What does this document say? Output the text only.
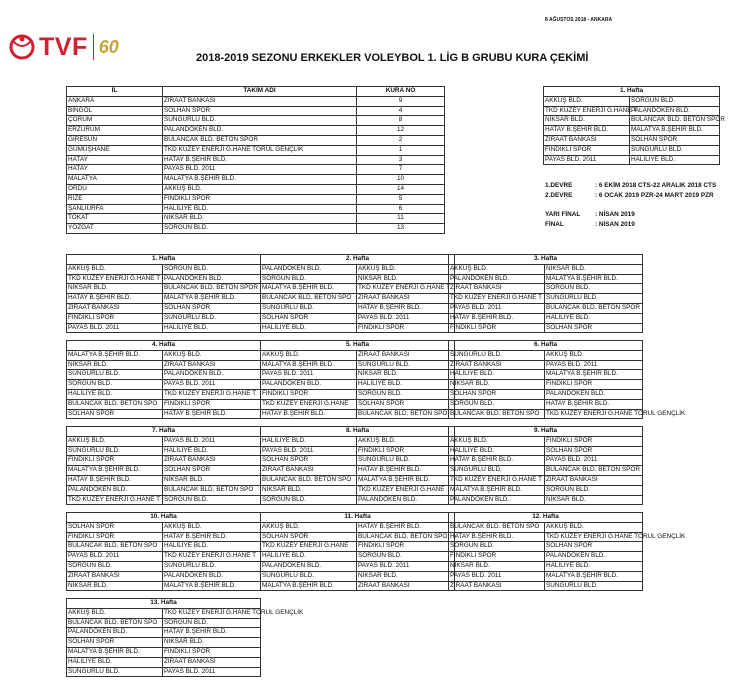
8 AĞUSTOS 2018 - ANKARA
TVF 60
2018-2019 SEZONU ERKEKLER VOLEYBOL 1. LİG B GRUBU KURA ÇEKİMİ
İL	TAKIM ADI	KURA NO
ANKARA	ZİRAAT BANKASI	9
BİNGÖL	SOLHAN SPOR	4
ÇORUM	SUNGURLU BLD.	8
ERZURUM	PALANDÖKEN BLD.	12
GİRESUN	BULANCAK BLD. BETON SPOR	2
GÜMÜŞHANE	TKD KUZEY ENERJİ G.HANE TORUL GENÇLİK	1
HATAY	HATAY B.ŞEHİR BLD.	3
HATAY	PAYAS BLD. 2011	7
MALATYA	MALATYA B.ŞEHİR BLD.	10
ORDU	AKKUŞ BLD.	14
RİZE	FINDIKLI SPOR	5
ŞANLIURFA	HALİLİYE BLD.	6
TOKAT	NİKSAR BLD.	11
YOZGAT	SORGUN BLD.	13
1. Hafta	
AKKUŞ BLD.	SORGUN BLD.
TKD KUZEY ENERJİ G.HANE T	PALANDÖKEN BLD.
NİKSAR BLD.	BULANCAK BLD. BETON SPOR
HATAY B.ŞEHİR BLD.	MALATYA B.ŞEHİR BLD.
ZİRAAT BANKASI	SOLHAN SPOR
FINDIKLI SPOR	SUNGURLU BLD.
PAYAS BLD. 2011	HALİLİYE BLD.
1.DEVRE	: 6 EKİM 2018 CTS-22 ARALIK 2018 CTS
2.DEVRE	: 6 OCAK 2019 PZR-24 MART 2019 PZR
YARI FİNAL : NİSAN 2019
FİNAL	: NİSAN 2019
1. Hafta	
AKKUŞ BLD.	SORGUN BLD.
TKD KUZEY ENERJİ G.HANE T	PALANDÖKEN BLD.
NİKSAR BLD.	BULANCAK BLD. BETON SPOR
HATAY B.ŞEHİR BLD.	MALATYA B.ŞEHİR BLD.
ZİRAAT BANKASI	SOLHAN SPOR
FINDIKLI SPOR	SUNGURLU BLD.
PAYAS BLD. 2011	HALİLİYE BLD.
2. Hafta	
PALANDÖKEN BLD.	AKKUŞ BLD.
SORGUN BLD.	NİKSAR BLD.
MALATYA B.ŞEHİR BLD.	TKD KUZEY ENERJİ G.HANE T
BULANCAK BLD. BETON SPO	ZİRAAT BANKASI
SUNGURLU BLD.	HATAY B.ŞEHİR BLD.
SOLHAN SPOR	PAYAS BLD. 2011
HALİLİYE BLD.	FINDIKLI SPOR
3. Hafta	
AKKUŞ BLD.	NİKSAR BLD.
PALANDÖKEN BLD.	MALATYA B.ŞEHİR BLD.
ZİRAAT BANKASI	SORGUN BLD.
TKD KUZEY ENERJİ G.HANE T	SUNGURLU BLD.
PAYAS BLD. 2011	BULANCAK BLD. BETON SPOR
HATAY B.ŞEHİR BLD.	HALİLİYE BLD.
FINDIKLI SPOR	SOLHAN SPOR
4. Hafta	
MALATYA B.ŞEHİR BLD.	AKKUŞ BLD.
NİKSAR BLD.	ZİRAAT BANKASI
SUNGURLU BLD.	PALANDÖKEN BLD.
SORGUN BLD.	PAYAS BLD. 2011
HALİLİYE BLD.	TKD KUZEY ENERJİ G.HANE T
BULANCAK BLD. BETON SPO	FINDIKLI SPOR
SOLHAN SPOR	HATAY B.ŞEHİR BLD.
5. Hafta	
AKKUŞ BLD.	ZİRAAT BANKASI
MALATYA B.ŞEHİR BLD.	SUNGURLU BLD.
PAYAS BLD. 2011	NİKSAR BLD.
PALANDÖKEN BLD.	HALİLİYE BLD.
FINDIKLI SPOR	SORGUN BLD.
TKD KUZEY ENERJİ G.HANE	SOLHAN SPOR
HATAY B.ŞEHİR BLD.	BULANCAK BLD. BETON SPO
6. Hafta	
SUNGURLU BLD.	AKKUŞ BLD.
ZİRAAT BANKASI	PAYAS BLD. 2011
HALİLİYE BLD.	MALATYA B.ŞEHİR BLD.
NİKSAR BLD.	FINDIKLI SPOR
SOLHAN SPOR	PALANDÖKEN BLD.
SORGUN BLD.	HATAY B.ŞEHİR BLD.
BULANCAK BLD. BETON SPO	TKD KUZEY ENERJİ G.HANE TORUL GENÇLİK
7. Hafta	
AKKUŞ BLD.	PAYAS BLD. 2011
SUNGURLU BLD.	HALİLİYE BLD.
FINDIKLI SPOR	ZİRAAT BANKASI
MALATYA B.ŞEHİR BLD.	SOLHAN SPOR
HATAY B.ŞEHİR BLD.	NİKSAR BLD.
PALANDÖKEN BLD.	BULANCAK BLD. BETON SPO
TKD KUZEY ENERJİ G.HANE T	SORGUN BLD.
8. Hafta	
HALİLİYE BLD.	AKKUŞ BLD.
PAYAS BLD. 2011	FINDIKLI SPOR
SOLHAN SPOR	SUNGURLU BLD.
ZİRAAT BANKASI	HATAY B.ŞEHİR BLD.
BULANCAK BLD. BETON SPO	MALATYA B.ŞEHİR BLD.
NİKSAR BLD.	TKD KUZEY ENERJİ G.HANE
SORGUN BLD.	PALANDÖKEN BLD.
9. Hafta	
AKKUŞ BLD.	FINDIKLI SPOR
HALİLİYE BLD.	SOLHAN SPOR
HATAY B.ŞEHİR BLD.	PAYAS BLD. 2011
SUNGURLU BLD.	BULANCAK BLD. BETON SPOR
TKD KUZEY ENERJİ G.HANE T	ZİRAAT BANKASI
MALATYA B.ŞEHİR BLD.	SORGUN BLD.
PALANDÖKEN BLD.	NİKSAR BLD.
10. Hafta	
SOLHAN SPOR	AKKUŞ BLD.
FINDIKLI SPOR	HATAY B.ŞEHİR BLD.
BULANCAK BLD. BETON SPO	HALİLİYE BLD.
PAYAS BLD. 2011	TKD KUZEY ENERJİ G.HANE T
SORGUN BLD.	SUNGURLU BLD.
ZİRAAT BANKASI	PALANDÖKEN BLD.
NİKSAR BLD.	MALATYA B.ŞEHİR BLD.
11. Hafta	
AKKUŞ BLD.	HATAY B.ŞEHİR BLD.
SOLHAN SPOR	BULANCAK BLD. BETON SPO
TKD KUZEY ENERJİ G.HANE	FINDIKLI SPOR
HALİLİYE BLD.	SORGUN BLD.
PALANDÖKEN BLD.	PAYAS BLD. 2011
SUNGURLU BLD.	NİKSAR BLD.
MALATYA B.ŞEHİR BLD.	ZİRAAT BANKASI
12. Hafta	
BULANCAK BLD. BETON SPO	AKKUŞ BLD.
HATAY B.ŞEHİR BLD.	TKD KUZEY ENERJİ G.HANE TORUL GENÇLİK
SORGUN BLD.	SOLHAN SPOR
FINDIKLI SPOR	PALANDÖKEN BLD.
NİKSAR BLD.	HALİLİYE BLD.
PAYAS BLD. 2011	MALATYA B.ŞEHİR BLD.
ZİRAAT BANKASI	SUNGURLU BLD.
13. Hafta	
AKKUŞ BLD.	TKD KUZEY ENERJİ G.HANE TORUL GENÇLİK
BULANCAK BLD. BETON SPO	SORGUN BLD.
PALANDÖKEN BLD.	HATAY B.ŞEHİR BLD.
SOLHAN SPOR	NİKSAR BLD.
MALATYA B.ŞEHİR BLD.	FINDIKLI SPOR
HALİLİYE BLD.	ZİRAAT BANKASI
SUNGURLU BLD.	PAYAS BLD. 2011
